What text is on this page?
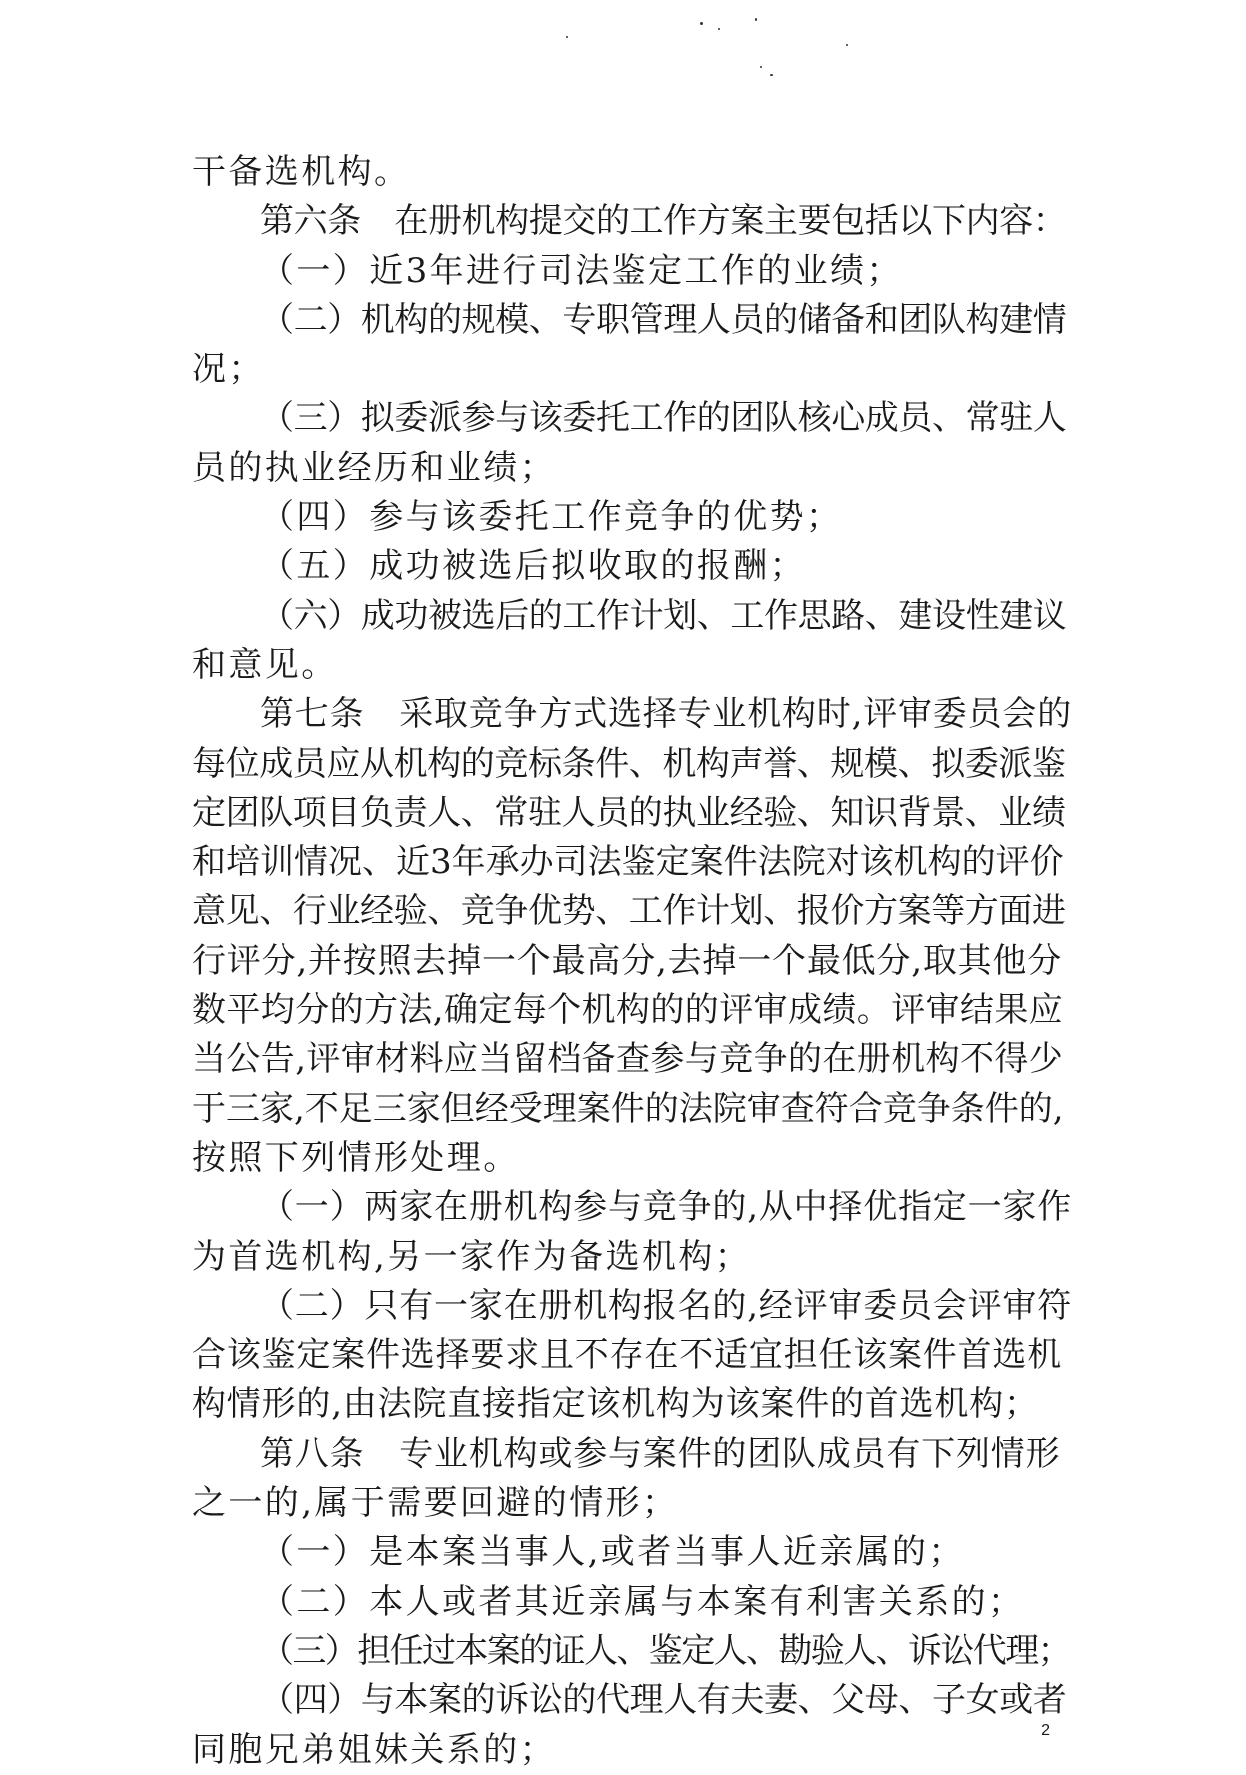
干备选机构。
第六条　在册机构提交的工作方案主要包括以下内容：
（一）近3年进行司法鉴定工作的业绩；
（二）机构的规模、专职管理人员的储备和团队构建情
况；
（三）拟委派参与该委托工作的团队核心成员、常驻人
员的执业经历和业绩；
（四）参与该委托工作竞争的优势；
（五）成功被选后拟收取的报酬；
（六）成功被选后的工作计划、工作思路、建设性建议
和意见。
第七条　采取竞争方式选择专业机构时,评审委员会的
每位成员应从机构的竞标条件、机构声誉、规模、拟委派鉴
定团队项目负责人、常驻人员的执业经验、知识背景、业绩
和培训情况、近3年承办司法鉴定案件法院对该机构的评价
意见、行业经验、竞争优势、工作计划、报价方案等方面进
行评分,并按照去掉一个最高分,去掉一个最低分,取其他分
数平均分的方法,确定每个机构的的评审成绩。评审结果应
当公告,评审材料应当留档备查参与竞争的在册机构不得少
于三家,不足三家但经受理案件的法院审查符合竞争条件的,
按照下列情形处理。
（一）两家在册机构参与竞争的,从中择优指定一家作
为首选机构,另一家作为备选机构；
（二）只有一家在册机构报名的,经评审委员会评审符
合该鉴定案件选择要求且不存在不适宜担任该案件首选机
构情形的,由法院直接指定该机构为该案件的首选机构；
第八条　专业机构或参与案件的团队成员有下列情形
之一的,属于需要回避的情形；
（一）是本案当事人,或者当事人近亲属的；
（二）本人或者其近亲属与本案有利害关系的；
（三）担任过本案的证人、鉴定人、勘验人、诉讼代理；
（四）与本案的诉讼的代理人有夫妻、父母、子女或者
同胞兄弟姐妹关系的；	2
